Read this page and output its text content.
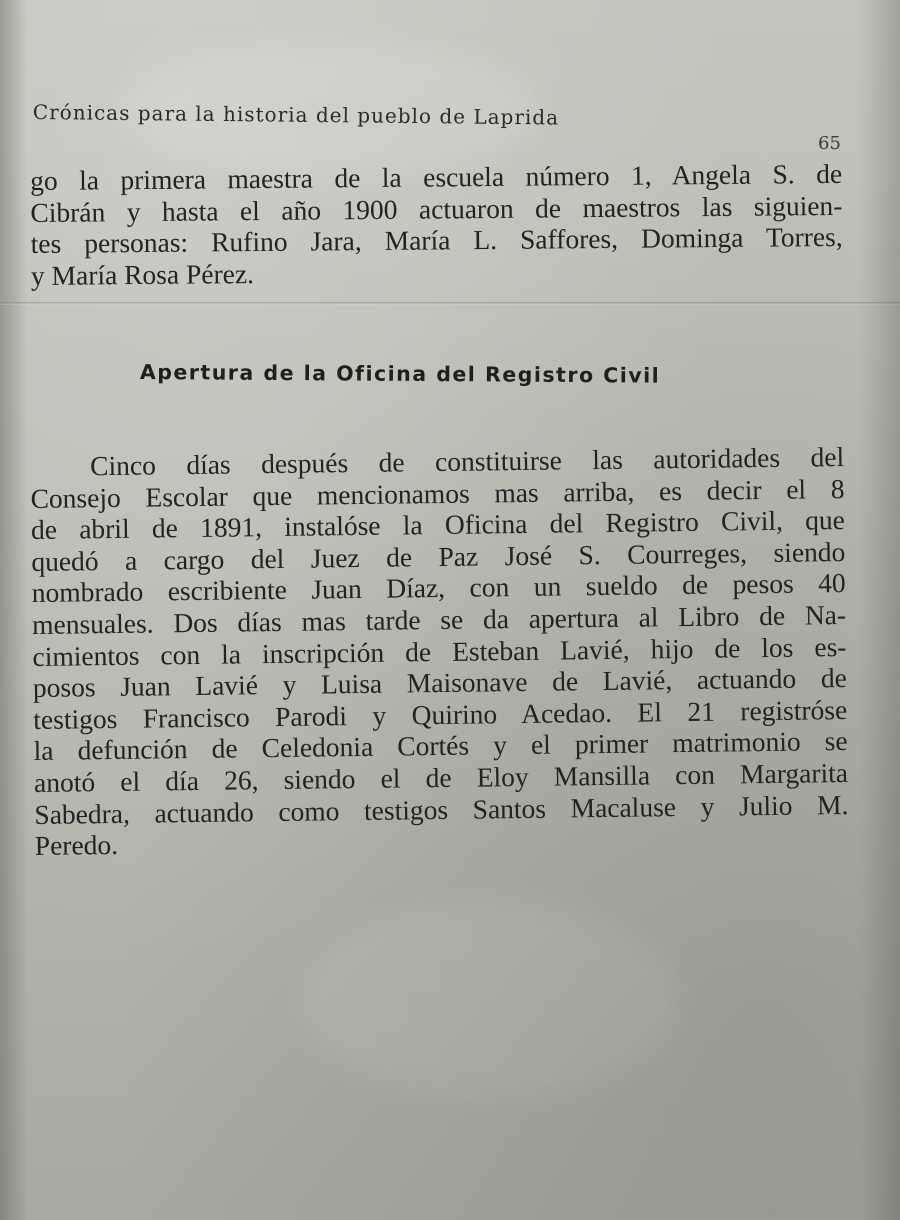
Crónicas para la historia del pueblo de Laprida
65
go la primera maestra de la escuela número 1, Angela S. de
Cibrán y hasta el año 1900 actuaron de maestros las siguien-
tes personas: Rufino Jara, María L. Saffores, Dominga Torres,
y María Rosa Pérez.
Apertura de la Oficina del Registro Civil
Cinco días después de constituirse las autoridades del
Consejo Escolar que mencionamos mas arriba, es decir el 8
de abril de 1891, instalóse la Oficina del Registro Civil, que
quedó a cargo del Juez de Paz José S. Courreges, siendo
nombrado escribiente Juan Díaz, con un sueldo de pesos 40
mensuales. Dos días mas tarde se da apertura al Libro de Na-
cimientos con la inscripción de Esteban Lavié, hijo de los es-
posos Juan Lavié y Luisa Maisonave de Lavié, actuando de
testigos Francisco Parodi y Quirino Acedao. El 21 registróse
la defunción de Celedonia Cortés y el primer matrimonio se
anotó el día 26, siendo el de Eloy Mansilla con Margarita
Sabedra, actuando como testigos Santos Macaluse y Julio M.
Peredo.
